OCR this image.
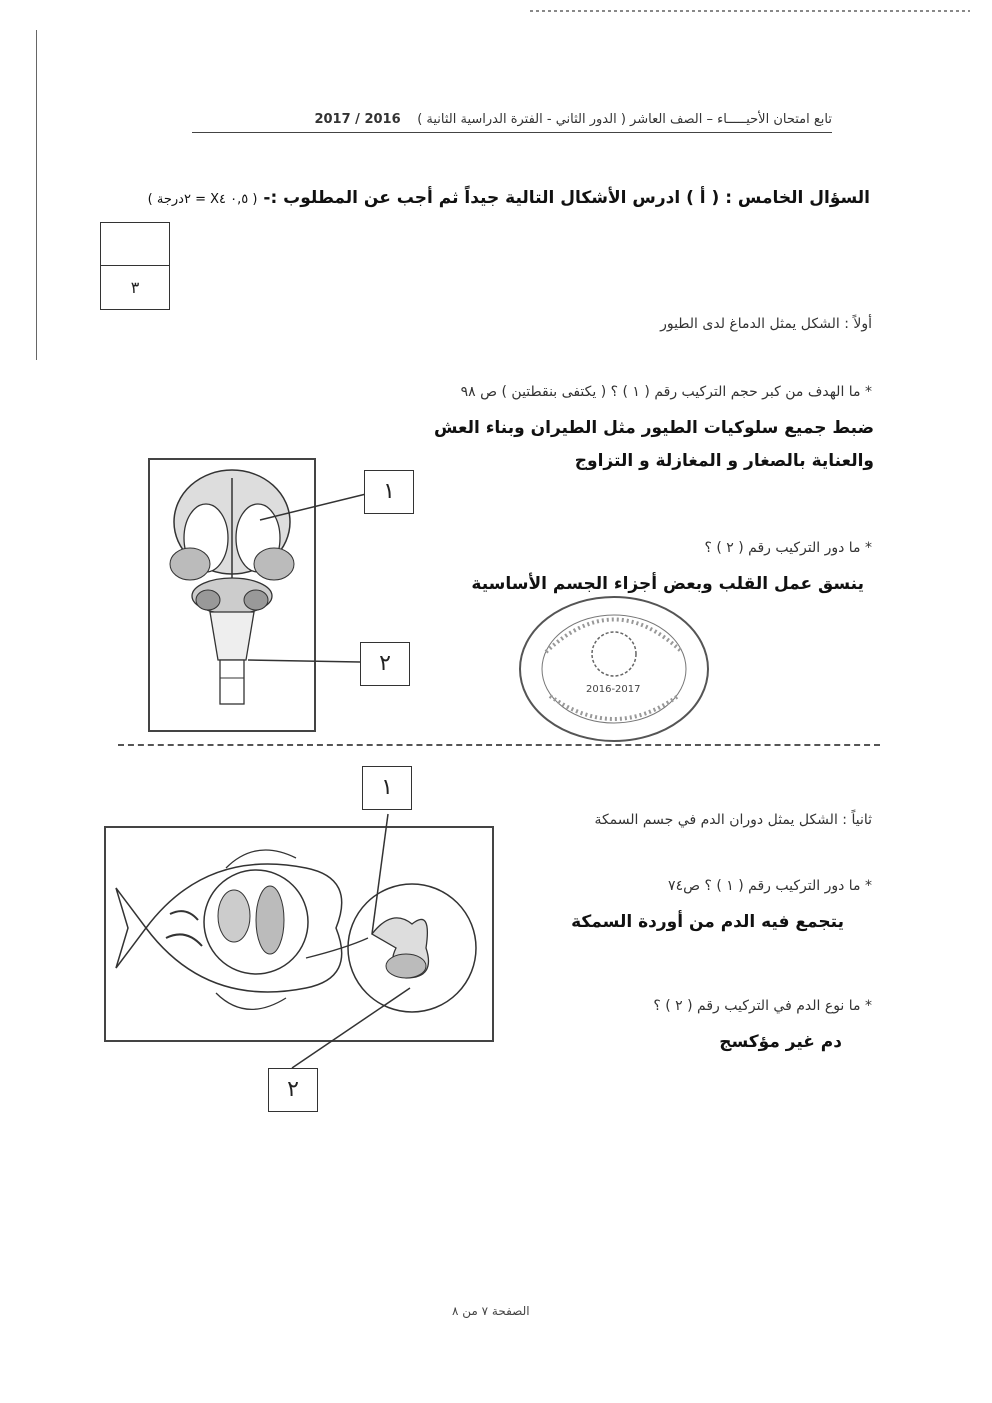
تابع امتحان الأحيـــــاء – الصف العاشر ( الدور الثاني - الفترة الدراسية الثانية )    2016 / 2017
السؤال الخامس : ( أ ) ادرس الأشكال التالية جيداً ثم أجب عن المطلوب :- ( ٠,٥ X٤ = ٢درجة )
٣
أولاً : الشكل يمثل الدماغ لدى الطيور
* ما الهدف من كبر حجم التركيب رقم ( ١ ) ؟ ( يكتفى بنقطتين ) ص ٩٨
ضبط جميع سلوكيات الطيور مثل الطيران وبناء العش
والعناية بالصغار و المغازلة و التزاوج
* ما دور التركيب رقم ( ٢ ) ؟
ينسق عمل القلب وبعض أجزاء الجسم الأساسية
١
٢
2016-2017
ثانياً : الشكل يمثل دوران الدم في جسم السمكة
* ما دور التركيب رقم ( ١ ) ؟ ص٧٤
يتجمع فيه الدم من أوردة السمكة
* ما نوع الدم في التركيب رقم ( ٢ ) ؟
دم غير مؤكسج
١
٢
الصفحة ٧ من ٨
